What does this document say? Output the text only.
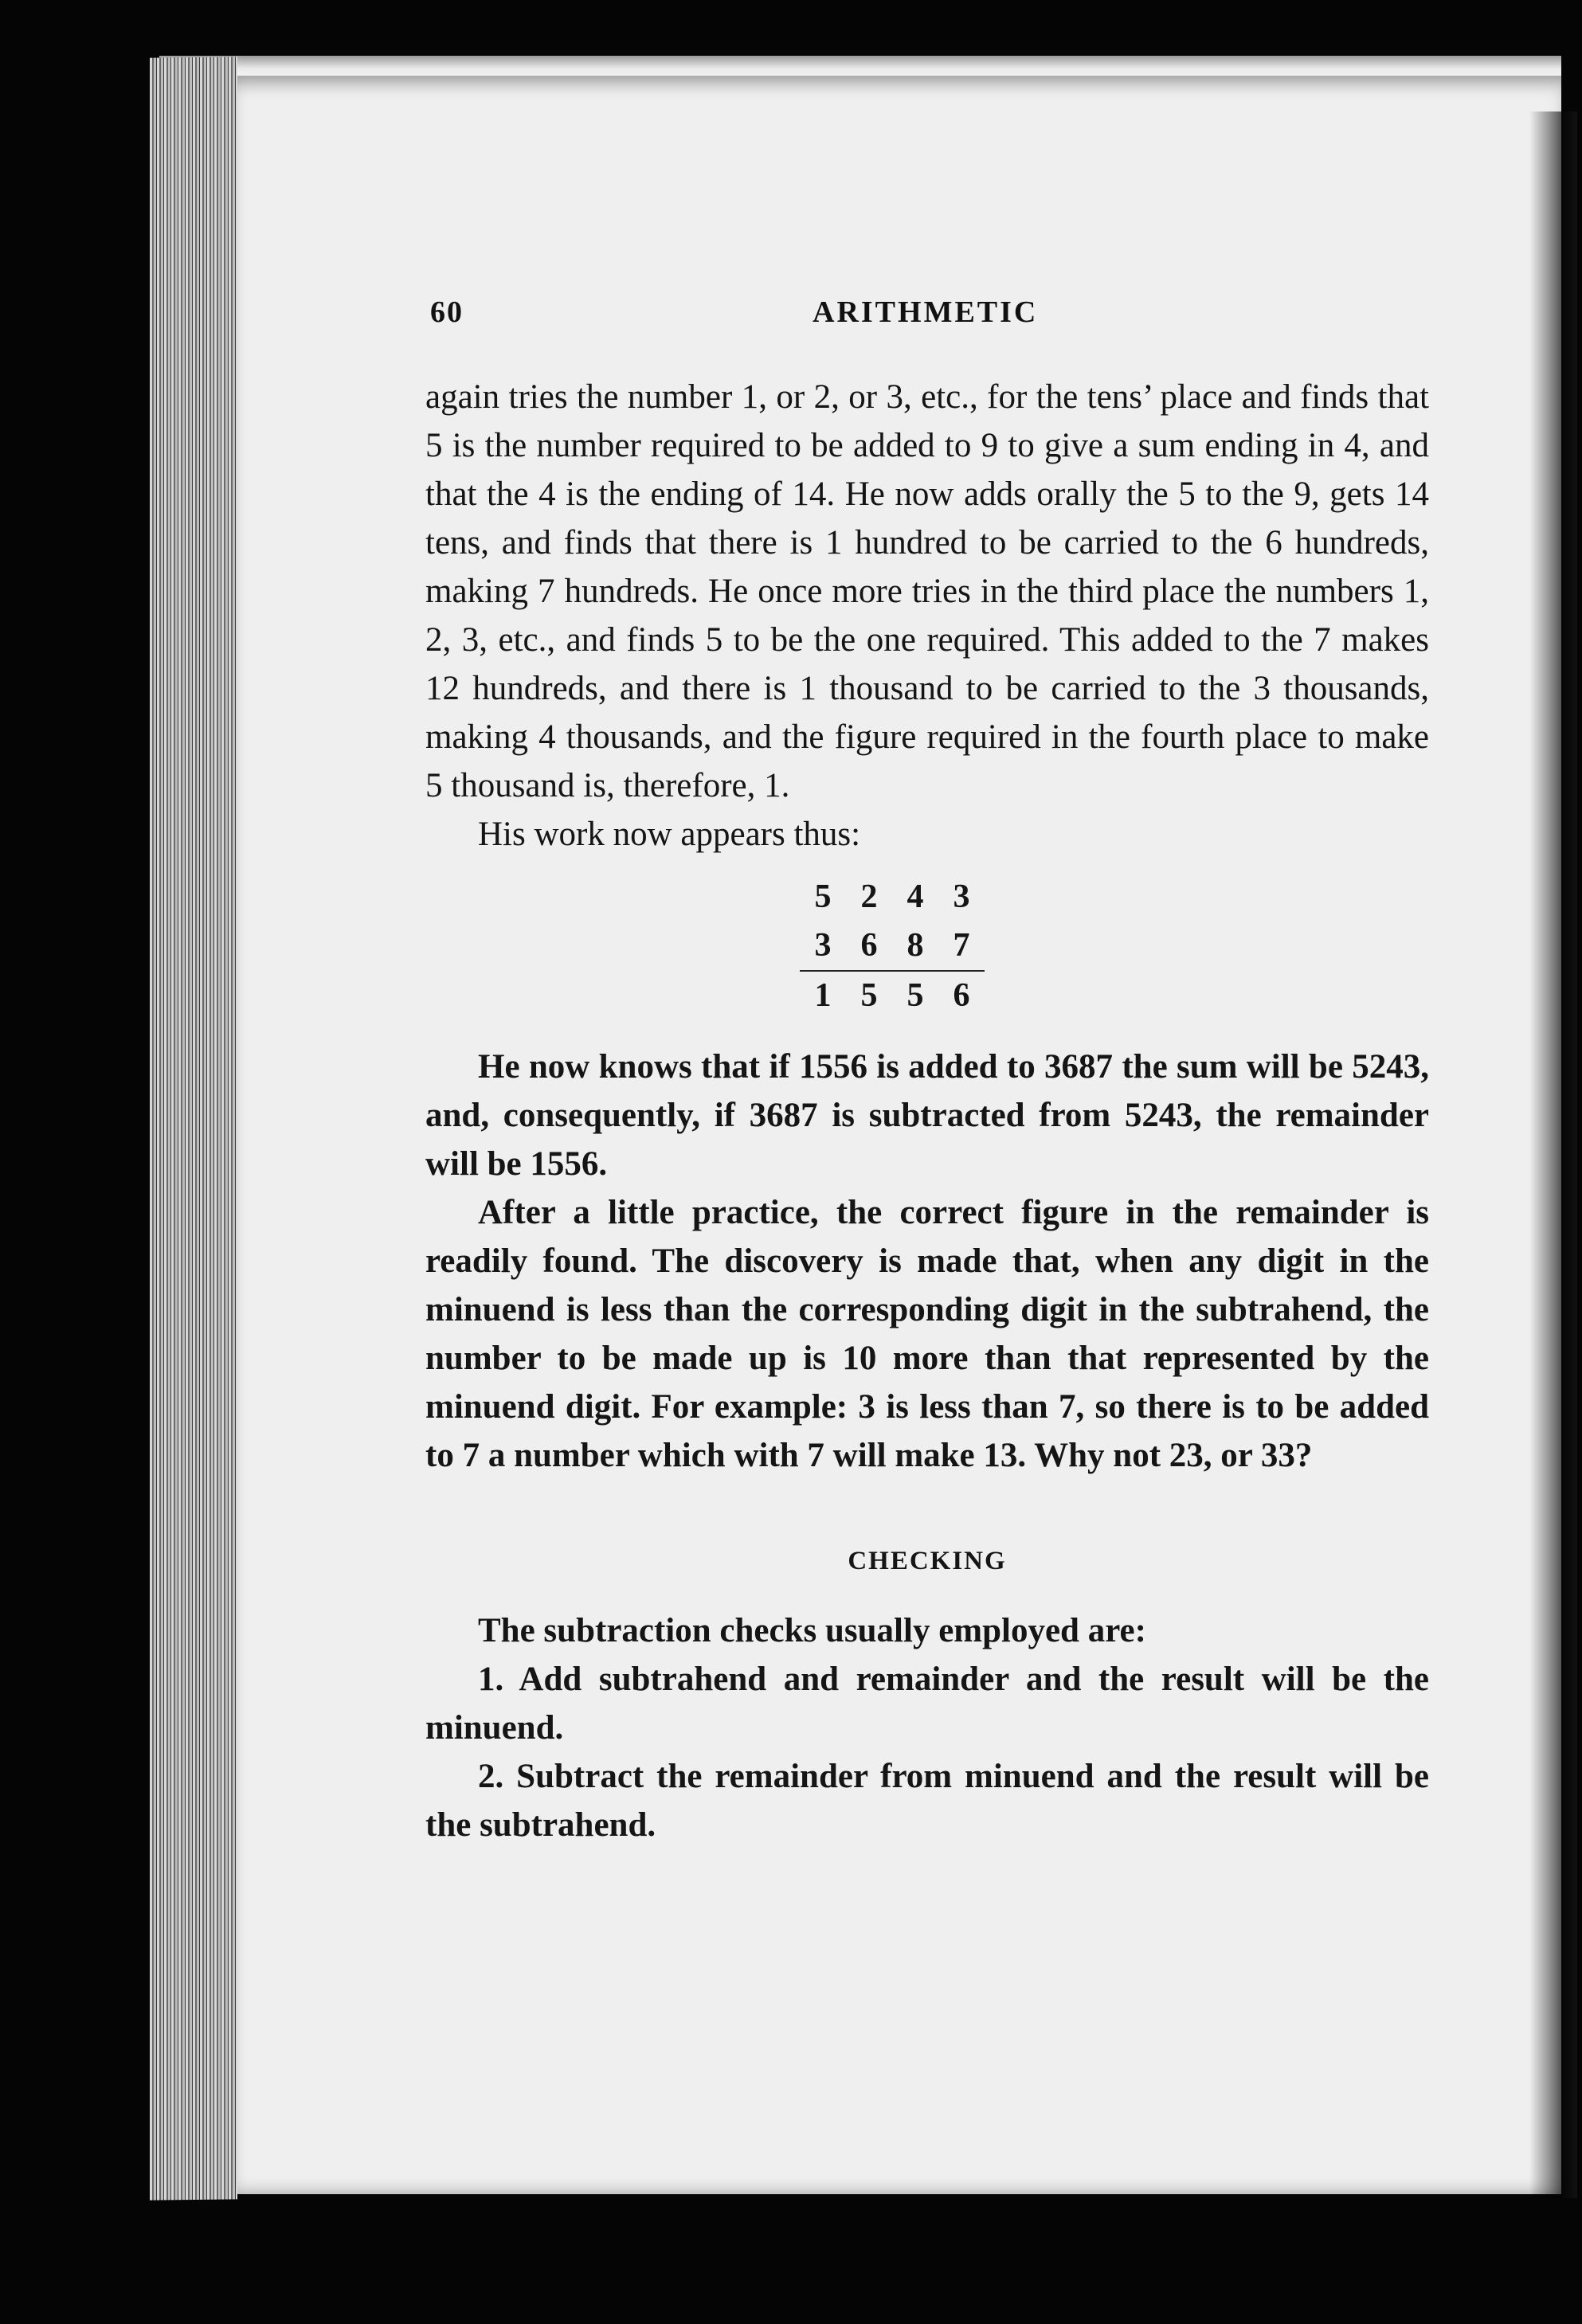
60	ARITHMETIC

again tries the number 1, or 2, or 3, etc., for the tens’ place and finds that 5 is the number required to be added to 9 to give a sum ending in 4, and that the 4 is the ending of 14. He now adds orally the 5 to the 9, gets 14 tens, and finds that there is 1 hundred to be carried to the 6 hundreds, making 7 hundreds. He once more tries in the third place the numbers 1, 2, 3, etc., and finds 5 to be the one required. This added to the 7 makes 12 hundreds, and there is 1 thousand to be carried to the 3 thousands, making 4 thousands, and the figure required in the fourth place to make 5 thousand is, therefore, 1.

His work now appears thus:

5	2	4	3
3	6	8	7
1	5	5	6

He now knows that if 1556 is added to 3687 the sum will be 5243, and, consequently, if 3687 is subtracted from 5243, the remainder will be 1556.

After a little practice, the correct figure in the remainder is readily found. The discovery is made that, when any digit in the minuend is less than the corresponding digit in the subtrahend, the number to be made up is 10 more than that represented by the minuend digit. For example: 3 is less than 7, so there is to be added to 7 a number which with 7 will make 13. Why not 23, or 33?

CHECKING

The subtraction checks usually employed are:

1. Add subtrahend and remainder and the result will be the minuend.

2. Subtract the remainder from minuend and the result will be the subtrahend.
